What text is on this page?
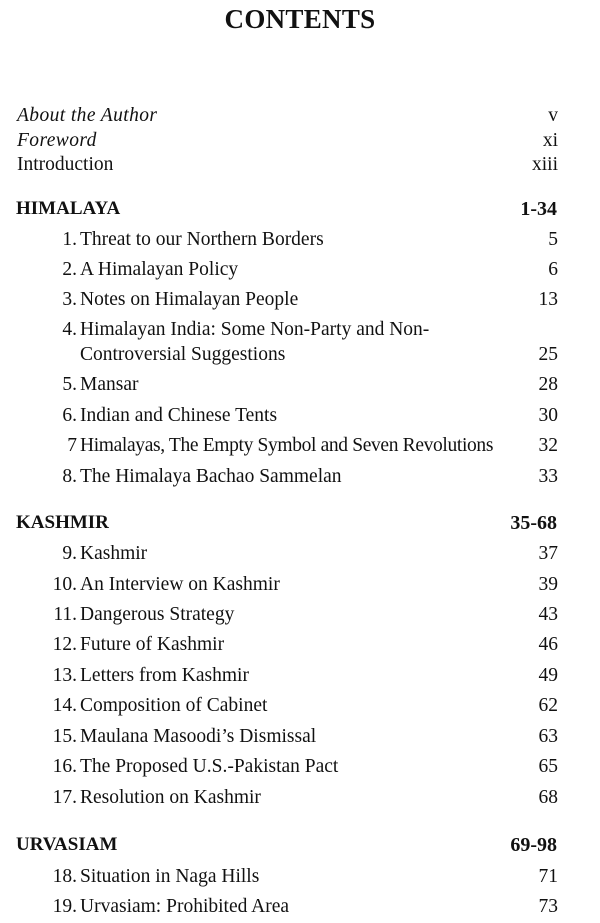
CONTENTS
About the Author	v
Foreword	xi
Introduction	xiii
HIMALAYA	1-34
1. Threat to our Northern Borders	5
2. A Himalayan Policy	6
3. Notes on Himalayan People	13
4. Himalayan India: Some Non-Party and Non-
Controversial Suggestions	25
5. Mansar	28
6. Indian and Chinese Tents	30
7 Himalayas, The Empty Symbol and Seven Revolutions 32
8. The Himalaya Bachao Sammelan	33
KASHMIR	35-68
9. Kashmir	37
10. An Interview on Kashmir	39
11. Dangerous Strategy	43
12. Future of Kashmir	46
13. Letters from Kashmir	49
14. Composition of Cabinet	62
15. Maulana Masoodi’s Dismissal	63
16. The Proposed U.S.-Pakistan Pact	65
17. Resolution on Kashmir	68
URVASIAM	69-98
18. Situation in Naga Hills	71
19. Urvasiam: Prohibited Area	73
